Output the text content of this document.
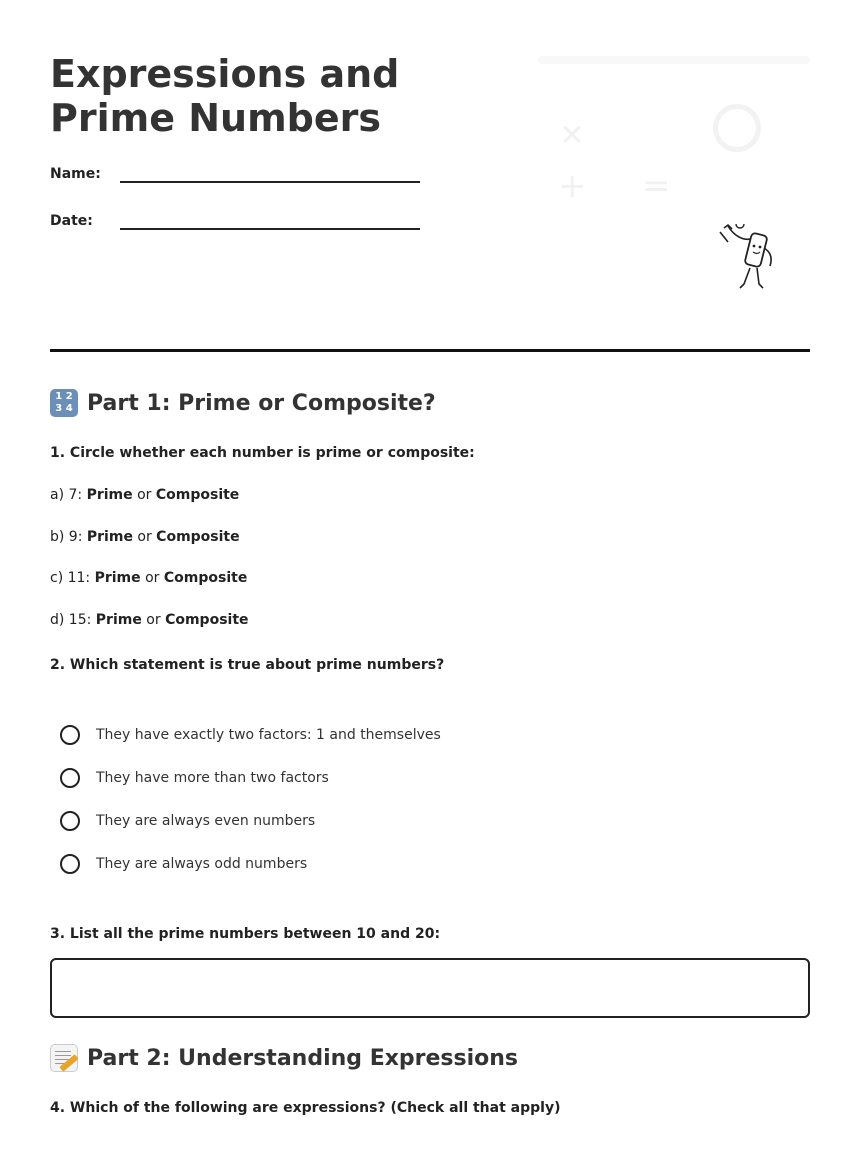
Expressions and Prime Numbers
Name:
Date:
+
+ =
1 2
3 4 Part 1: Prime or Composite?
1. Circle whether each number is prime or composite:
a) 7: Prime or Composite
b) 9: Prime or Composite
c) 11: Prime or Composite
d) 15: Prime or Composite
2. Which statement is true about prime numbers?
They have exactly two factors: 1 and themselves
They have more than two factors
They are always even numbers
They are always odd numbers
3. List all the prime numbers between 10 and 20:
Part 2: Understanding Expressions
4. Which of the following are expressions? (Check all that apply)
